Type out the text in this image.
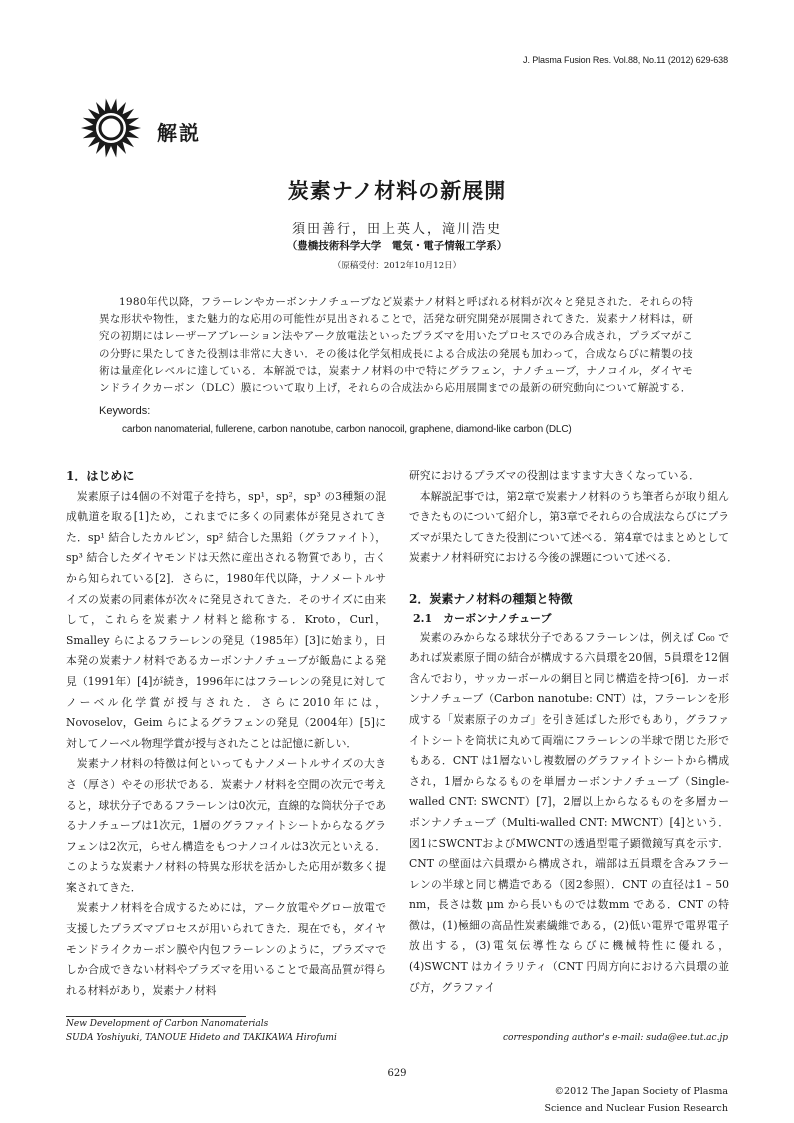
J. Plasma Fusion Res. Vol.88, No.11 (2012) 629‐638
解説
炭素ナノ材料の新展開
須田善行，田上英人，滝川浩史
（豊橋技術科学大学　電気・電子情報工学系）
（原稿受付：2012年10月12日）
1980年代以降，フラーレンやカーボンナノチューブなど炭素ナノ材料と呼ばれる材料が次々と発見された．それらの特異な形状や物性，また魅力的な応用の可能性が見出されることで，活発な研究開発が展開されてきた．炭素ナノ材料は，研究の初期にはレーザーアブレーション法やアーク放電法といったプラズマを用いたプロセスでのみ合成され，プラズマがこの分野に果たしてきた役割は非常に大きい．その後は化学気相成長による合成法の発展も加わって，合成ならびに精製の技術は量産化レベルに達している．本解説では，炭素ナノ材料の中で特にグラフェン，ナノチューブ，ナノコイル，ダイヤモンドライクカーボン（DLC）膜について取り上げ，それらの合成法から応用展開までの最新の研究動向について解説する．
Keywords:
carbon nanomaterial, fullerene, carbon nanotube, carbon nanocoil, graphene, diamond-like carbon (DLC)
1．はじめに

炭素原子は4個の不対電子を持ち，sp¹，sp²，sp³ の3種類の混成軌道を取る[1]ため，これまでに多くの同素体が発見されてきた．sp¹ 結合したカルビン，sp² 結合した黒鉛（グラファイト），sp³ 結合したダイヤモンドは天然に産出される物質であり，古くから知られている[2]．さらに，1980年代以降，ナノメートルサイズの炭素の同素体が次々に発見されてきた．そのサイズに由来して，これらを炭素ナノ材料と総称する．Kroto，Curl，Smalley らによるフラーレンの発見（1985年）[3]に始まり，日本発の炭素ナノ材料であるカーボンナノチューブが飯島による発見（1991年）[4]が続き，1996年にはフラーレンの発見に対してノーベル化学賞が授与された．さらに2010年には，Novoselov，Geim らによるグラフェンの発見（2004年）[5]に対してノーベル物理学賞が授与されたことは記憶に新しい．

炭素ナノ材料の特徴は何といってもナノメートルサイズの大きさ（厚さ）やその形状である．炭素ナノ材料を空間の次元で考えると，球状分子であるフラーレンは0次元，直線的な筒状分子であるナノチューブは1次元，1層のグラファイトシートからなるグラフェンは2次元，らせん構造をもつナノコイルは3次元といえる．このような炭素ナノ材料の特異な形状を活かした応用が数多く提案されてきた．

炭素ナノ材料を合成するためには，アーク放電やグロー放電で支援したプラズマプロセスが用いられてきた．現在でも，ダイヤモンドライクカーボン膜や内包フラーレンのように，プラズマでしか合成できない材料やプラズマを用いることで最高品質が得られる材料があり，炭素ナノ材料

研究におけるプラズマの役割はますます大きくなっている．

本解説記事では，第2章で炭素ナノ材料のうち筆者らが取り組んできたものについて紹介し，第3章でそれらの合成法ならびにプラズマが果たしてきた役割について述べる．第4章ではまとめとして炭素ナノ材料研究における今後の課題について述べる．

2．炭素ナノ材料の種類と特徴
2.1　カーボンナノチューブ

炭素のみからなる球状分子であるフラーレンは，例えば C₆₀ であれば炭素原子間の結合が構成する六員環を20個，5員環を12個含んでおり，サッカーボールの網目と同じ構造を持つ[6]．カーボンナノチューブ（Carbon nanotube: CNT）は，フラーレンを形成する「炭素原子のカゴ」を引き延ばした形でもあり，グラファイトシートを筒状に丸めて両端にフラーレンの半球で閉じた形でもある．CNT は1層ないし複数層のグラファイトシートから構成され，1層からなるものを単層カーボンナノチューブ（Single-walled CNT: SWCNT）[7]，2層以上からなるものを多層カーボンナノチューブ（Multi-walled CNT: MWCNT）[4]という．図1にSWCNTおよびMWCNTの透過型電子顕微鏡写真を示す．CNT の壁面は六員環から構成され，端部は五員環を含みフラーレンの半球と同じ構造である（図2参照）．CNT の直径は1 – 50 nm，長さは数 μm から長いものでは数mm である．CNT の特徴は，(1)極細の高品性炭素繊維である，(2)低い電界で電界電子放出する，(3)電気伝導性ならびに機械特性に優れる，(4)SWCNT はカイラリティ（CNT 円周方向における六員環の並び方，グラファイ

New Development of Carbon Nanomaterials
SUDA Yoshiyuki, TANOUE Hideto and TAKIKAWA Hirofumi	corresponding author's e-mail: suda@ee.tut.ac.jp
629
©2012 The Japan Society of Plasma
Science and Nuclear Fusion Research
